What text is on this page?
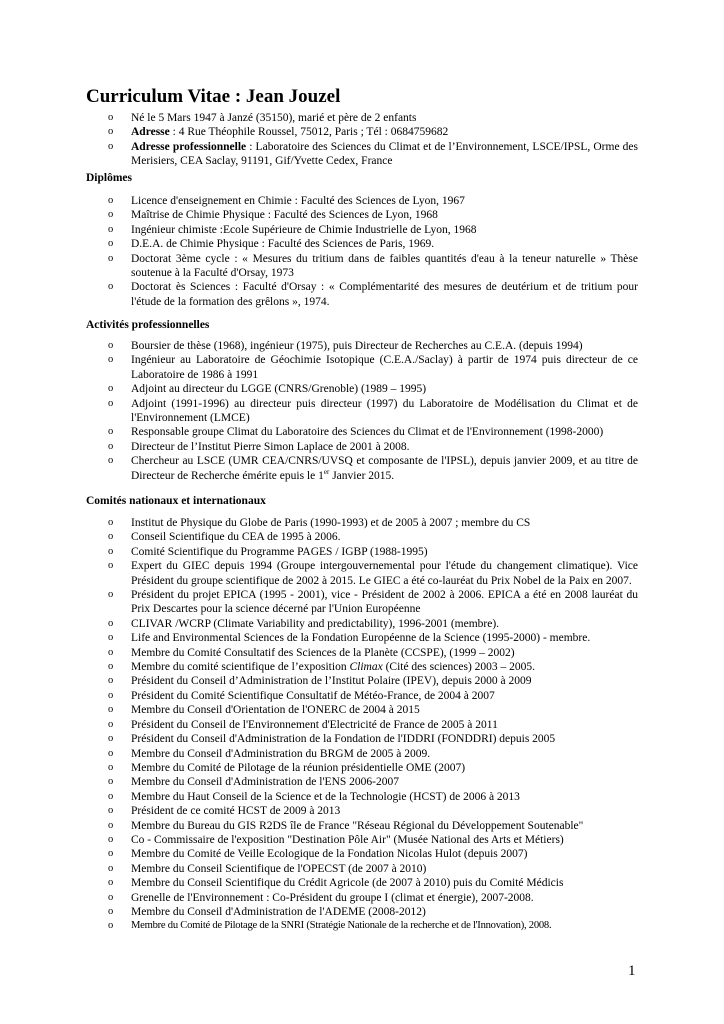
Curriculum Vitae : Jean Jouzel
o Né le 5 Mars 1947 à Janzé (35150), marié et père de 2 enfants
o Adresse : 4 Rue Théophile Roussel, 75012, Paris ; Tél : 0684759682
o Adresse professionnelle : Laboratoire des Sciences du Climat et de l’Environnement, LSCE/IPSL, Orme des Merisiers, CEA Saclay, 91191, Gif/Yvette Cedex, France
Diplômes
o Licence d'enseignement en Chimie : Faculté des Sciences de Lyon, 1967
o Maîtrise de Chimie Physique : Faculté des Sciences de Lyon, 1968
o Ingénieur chimiste :Ecole Supérieure de Chimie Industrielle de Lyon, 1968
o D.E.A. de Chimie Physique : Faculté des Sciences de Paris, 1969.
o Doctorat 3ème cycle : « Mesures du tritium dans de faibles quantités d'eau à la teneur naturelle » Thèse soutenue à la Faculté d'Orsay, 1973
o Doctorat ès Sciences : Faculté d'Orsay : « Complémentarité des mesures de deutérium et de tritium pour l'étude de la formation des grêlons », 1974.
Activités professionnelles
o Boursier de thèse (1968), ingénieur (1975), puis Directeur de Recherches au C.E.A. (depuis 1994)
o Ingénieur au Laboratoire de Géochimie Isotopique (C.E.A./Saclay) à partir de 1974 puis directeur de ce Laboratoire de 1986 à 1991
o Adjoint au directeur du LGGE (CNRS/Grenoble) (1989 – 1995)
o Adjoint (1991-1996) au directeur puis directeur (1997) du Laboratoire de Modélisation du Climat et de l'Environnement (LMCE)
o Responsable groupe Climat du Laboratoire des Sciences du Climat et de l'Environnement (1998-2000)
o Directeur de l’Institut Pierre Simon Laplace de 2001 à 2008.
o Chercheur au LSCE (UMR CEA/CNRS/UVSQ et composante de l'IPSL), depuis janvier 2009, et au titre de Directeur de Recherche émérite epuis le 1er Janvier 2015.
Comités nationaux et internationaux
o Institut de Physique du Globe de Paris (1990-1993) et de 2005 à 2007 ; membre du CS
o Conseil Scientifique du CEA de 1995 à 2006.
o Comité Scientifique du Programme PAGES / IGBP (1988-1995)
o Expert du GIEC depuis 1994 (Groupe intergouvernemental pour l'étude du changement climatique). Vice Président du groupe scientifique de 2002 à 2015. Le GIEC a été co-lauréat du Prix Nobel de la Paix en 2007.
o Président du projet EPICA (1995 - 2001), vice - Président de 2002 à 2006. EPICA a été en 2008 lauréat du Prix Descartes pour la science décerné par l'Union Européenne
o CLIVAR /WCRP (Climate Variability and predictability), 1996-2001 (membre).
o Life and Environmental Sciences de la Fondation Européenne de la Science (1995-2000) - membre.
o Membre du Comité Consultatif des Sciences de la Planète (CCSPE), (1999 – 2002)
o Membre du comité scientifique de l’exposition Climax (Cité des sciences) 2003 – 2005.
o Président du Conseil d’Administration de l’Institut Polaire (IPEV), depuis 2000 à 2009
o Président du Comité Scientifique Consultatif de Météo-France, de 2004 à 2007
o Membre du Conseil d'Orientation de l'ONERC de 2004 à 2015
o Président du Conseil de l'Environnement d'Electricité de France de 2005 à 2011
o Président du Conseil d'Administration de la Fondation de l'IDDRI (FONDDRI) depuis 2005
o Membre du Conseil d'Administration du BRGM de 2005 à 2009.
o Membre du Comité de Pilotage de la réunion présidentielle OME (2007)
o Membre du Conseil d'Administration de l'ENS 2006-2007
o Membre du Haut Conseil de la Science et de la Technologie (HCST) de 2006 à 2013
o Président de ce comité HCST de 2009 à 2013
o Membre du Bureau du GIS R2DS île de France "Réseau Régional du Développement Soutenable"
o Co - Commissaire de l'exposition "Destination Pôle Air" (Musée National des Arts et Métiers)
o Membre du Comité de Veille Ecologique de la Fondation Nicolas Hulot (depuis 2007)
o Membre du Conseil Scientifique de l'OPECST (de 2007 à 2010)
o Membre du Conseil Scientifique du Crédit Agricole (de 2007 à 2010) puis du Comité Médicis
o Grenelle de l'Environnement : Co-Président du groupe I (climat et énergie), 2007-2008.
o Membre du Conseil d'Administration de l'ADEME (2008-2012)
o Membre du Comité de Pilotage de la SNRI (Stratégie Nationale de la recherche et de l'Innovation), 2008.
1
